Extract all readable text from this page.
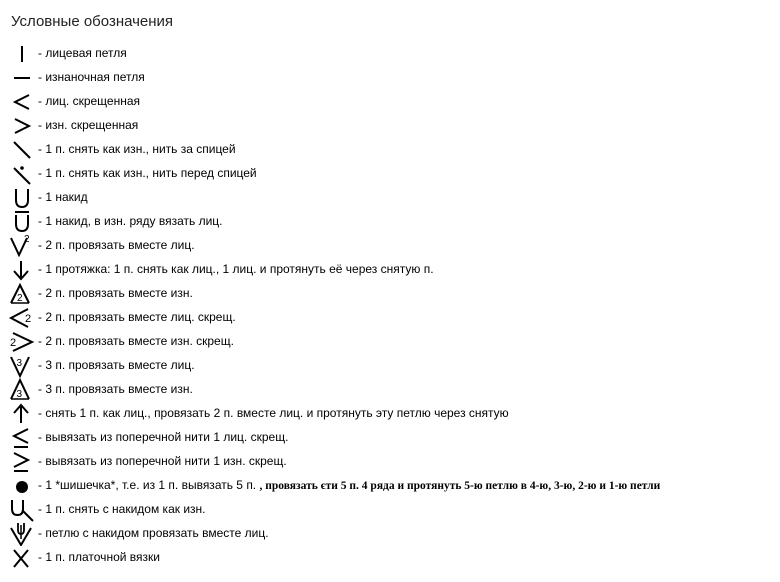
Условные обозначения
- лицевая петля
- изнаночная петля
- лиц. скрещенная
- изн. скрещенная
- 1 п. снять как изн., нить за спицей
- 1 п. снять как изн., нить перед спицей
- 1 накид
- 1 накид, в изн. ряду вязать лиц.
2 - 2 п. провязать вместе лиц.
- 1 протяжка: 1 п. снять как лиц., 1 лиц. и протянуть её через снятую п.
2 - 2 п. провязать вместе изн.
2 - 2 п. провязать вместе лиц. скрещ.
2 - 2 п. провязать вместе изн. скрещ.
3 - 3 п. провязать вместе лиц.
3 - 3 п. провязать вместе изн.
- снять 1 п. как лиц., провязать 2 п. вместе лиц. и протянуть эту петлю через снятую
- вывязать из поперечной нити 1 лиц. скрещ.
- вывязать из поперечной нити 1 изн. скрещ.
- 1 *шишечка*, т.е. из 1 п. вывязать 5 п. , провязать єти 5 п. 4 ряда и протянуть 5-ю петлю в 4-ю, 3-ю, 2-ю и 1-ю петли
- 1 п. снять с накидом как изн.
- петлю с накидом провязать вместе лиц.
- 1 п. платочной вязки
